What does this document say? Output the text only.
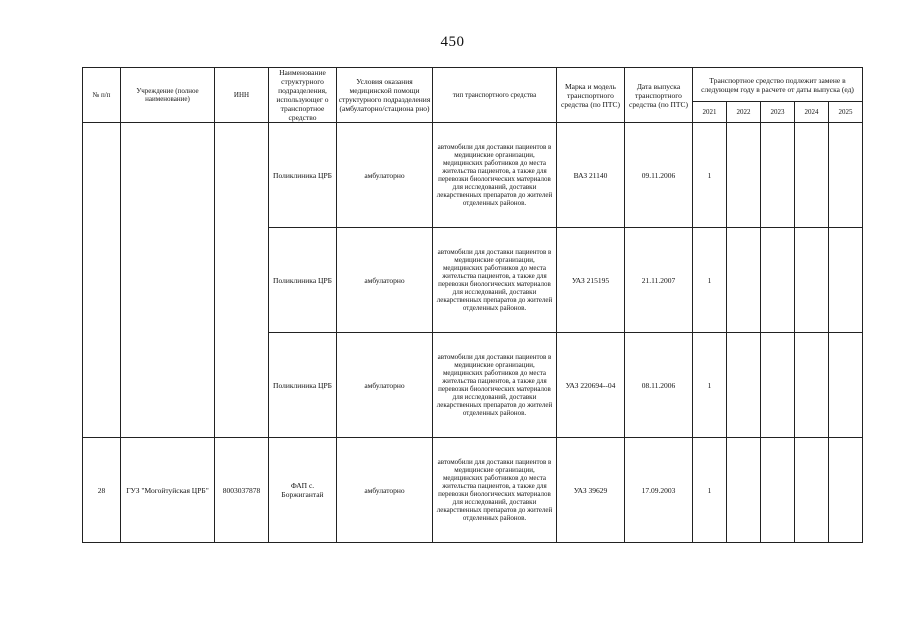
450
№ п/п	Учреждение (полное наименование)	ИНН	Наименование структурного подразделения, использующег о транспортное средство	Условия оказания медицинской помощи структурного подразделения (амбулаторно/стациона рно)	тип транспортного средства	Марка и модель транспортного средства (по ПТС)	Дата выпуска транспортного средства (по ПТС)	Транспортное средство подлежит замене в следующем году в расчете от даты выпуска (ед)				
								2021	2022	2023	2024	2025
			Поликлиника ЦРБ	амбулаторно	автомобили для доставки пациентов в медицинские организации, медицинских работников до места жительства пациентов, а также для перевозки биологических материалов для исследований, доставки лекарственных препаратов до жителей отделенных районов.	ВАЗ 21140	09.11.2006	1				
			Поликлиника ЦРБ	амбулаторно	автомобили для доставки пациентов в медицинские организации, медицинских работников до места жительства пациентов, а также для перевозки биологических материалов для исследований, доставки лекарственных препаратов до жителей отделенных районов.	УАЗ 215195	21.11.2007	1				
			Поликлиника ЦРБ	амбулаторно	автомобили для доставки пациентов в медицинские организации, медицинских работников до места жительства пациентов, а также для перевозки биологических материалов для исследований, доставки лекарственных препаратов до жителей отделенных районов.	УАЗ 220694--04	08.11.2006	1				
28	ГУЗ "Могойтуйская ЦРБ"	8003037878	ФАП с. Боржигантай	амбулаторно	автомобили для доставки пациентов в медицинские организации, медицинских работников до места жительства пациентов, а также для перевозки биологических материалов для исследований, доставки лекарственных препаратов до жителей отделенных районов.	УАЗ 39629	17.09.2003	1				
